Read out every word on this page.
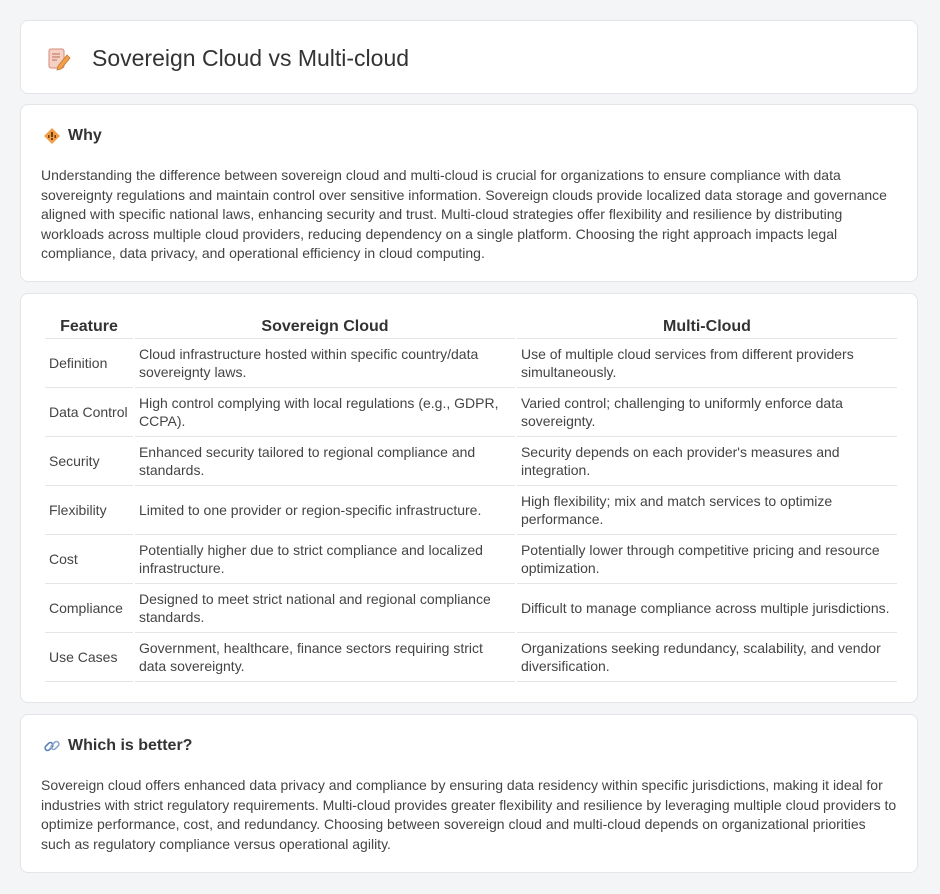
Sovereign Cloud vs Multi-cloud
Why

Understanding the difference between sovereign cloud and multi-cloud is crucial for organizations to ensure compliance with data sovereignty regulations and maintain control over sensitive information. Sovereign clouds provide localized data storage and governance aligned with specific national laws, enhancing security and trust. Multi-cloud strategies offer flexibility and resilience by distributing workloads across multiple cloud providers, reducing dependency on a single platform. Choosing the right approach impacts legal compliance, data privacy, and operational efficiency in cloud computing.

Feature	Sovereign Cloud	Multi-Cloud
Definition	Cloud infrastructure hosted within specific country/data sovereignty laws.	Use of multiple cloud services from different providers simultaneously.
Data Control	High control complying with local regulations (e.g., GDPR, CCPA).	Varied control; challenging to uniformly enforce data sovereignty.
Security	Enhanced security tailored to regional compliance and standards.	Security depends on each provider's measures and integration.
Flexibility	Limited to one provider or region-specific infrastructure.	High flexibility; mix and match services to optimize performance.
Cost	Potentially higher due to strict compliance and localized infrastructure.	Potentially lower through competitive pricing and resource optimization.
Compliance	Designed to meet strict national and regional compliance standards.	Difficult to manage compliance across multiple jurisdictions.
Use Cases	Government, healthcare, finance sectors requiring strict data sovereignty.	Organizations seeking redundancy, scalability, and vendor diversification.
Which is better?

Sovereign cloud offers enhanced data privacy and compliance by ensuring data residency within specific jurisdictions, making it ideal for industries with strict regulatory requirements. Multi-cloud provides greater flexibility and resilience by leveraging multiple cloud providers to optimize performance, cost, and redundancy. Choosing between sovereign cloud and multi-cloud depends on organizational priorities such as regulatory compliance versus operational agility.
